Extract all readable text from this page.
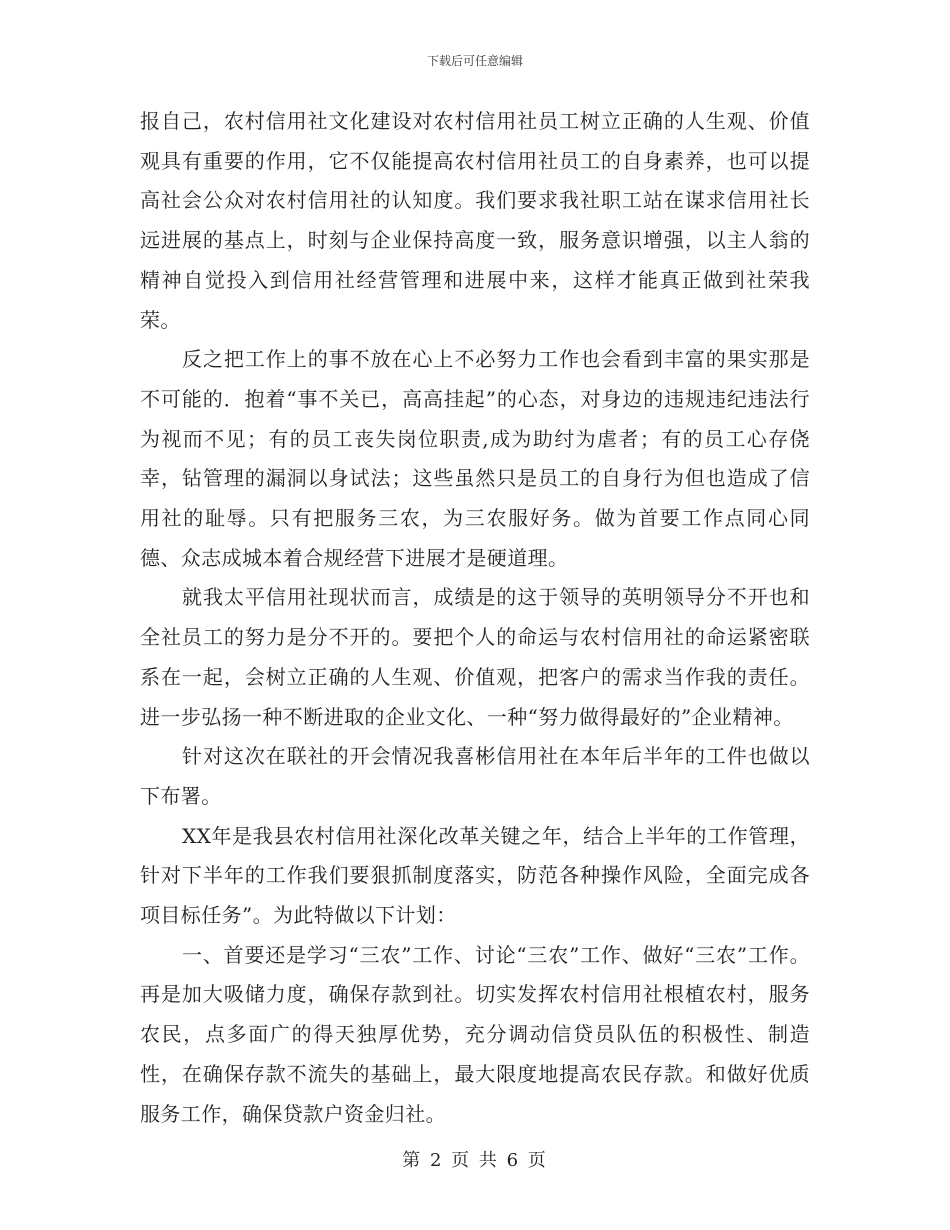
下载后可任意编辑

报自己，农村信用社文化建设对农村信用社员工树立正确的人生观、价值观具有重要的作用，它不仅能提高农村信用社员工的自身素养，也可以提高社会公众对农村信用社的认知度。我们要求我社职工站在谋求信用社长远进展的基点上，时刻与企业保持高度一致，服务意识增强，以主人翁的精神自觉投入到信用社经营管理和进展中来，这样才能真正做到社荣我荣。

反之把工作上的事不放在心上不必努力工作也会看到丰富的果实那是不可能的．抱着“事不关已，高高挂起”的心态，对身边的违规违纪违法行为视而不见；有的员工丧失岗位职责,成为助纣为虐者；有的员工心存侥幸，钻管理的漏洞以身试法；这些虽然只是员工的自身行为但也造成了信用社的耻辱。只有把服务三农，为三农服好务。做为首要工作点同心同德、众志成城本着合规经营下进展才是硬道理。

就我太平信用社现状而言，成绩是的这于领导的英明领导分不开也和全社员工的努力是分不开的。要把个人的命运与农村信用社的命运紧密联系在一起，会树立正确的人生观、价值观，把客户的需求当作我的责任。进一步弘扬一种不断进取的企业文化、一种“努力做得最好的”企业精神。

针对这次在联社的开会情况我喜彬信用社在本年后半年的工件也做以下布署。

XX年是我县农村信用社深化改革关键之年，结合上半年的工作管理，针对下半年的工作我们要狠抓制度落实，防范各种操作风险，全面完成各项目标任务”。为此特做以下计划：

一、首要还是学习“三农”工作、讨论“三农”工作、做好“三农”工作。再是加大吸储力度，确保存款到社。切实发挥农村信用社根植农村，服务农民，点多面广的得天独厚优势，充分调动信贷员队伍的积极性、制造性，在确保存款不流失的基础上，最大限度地提高农民存款。和做好优质服务工作，确保贷款户资金归社。

第 2 页 共 6 页
